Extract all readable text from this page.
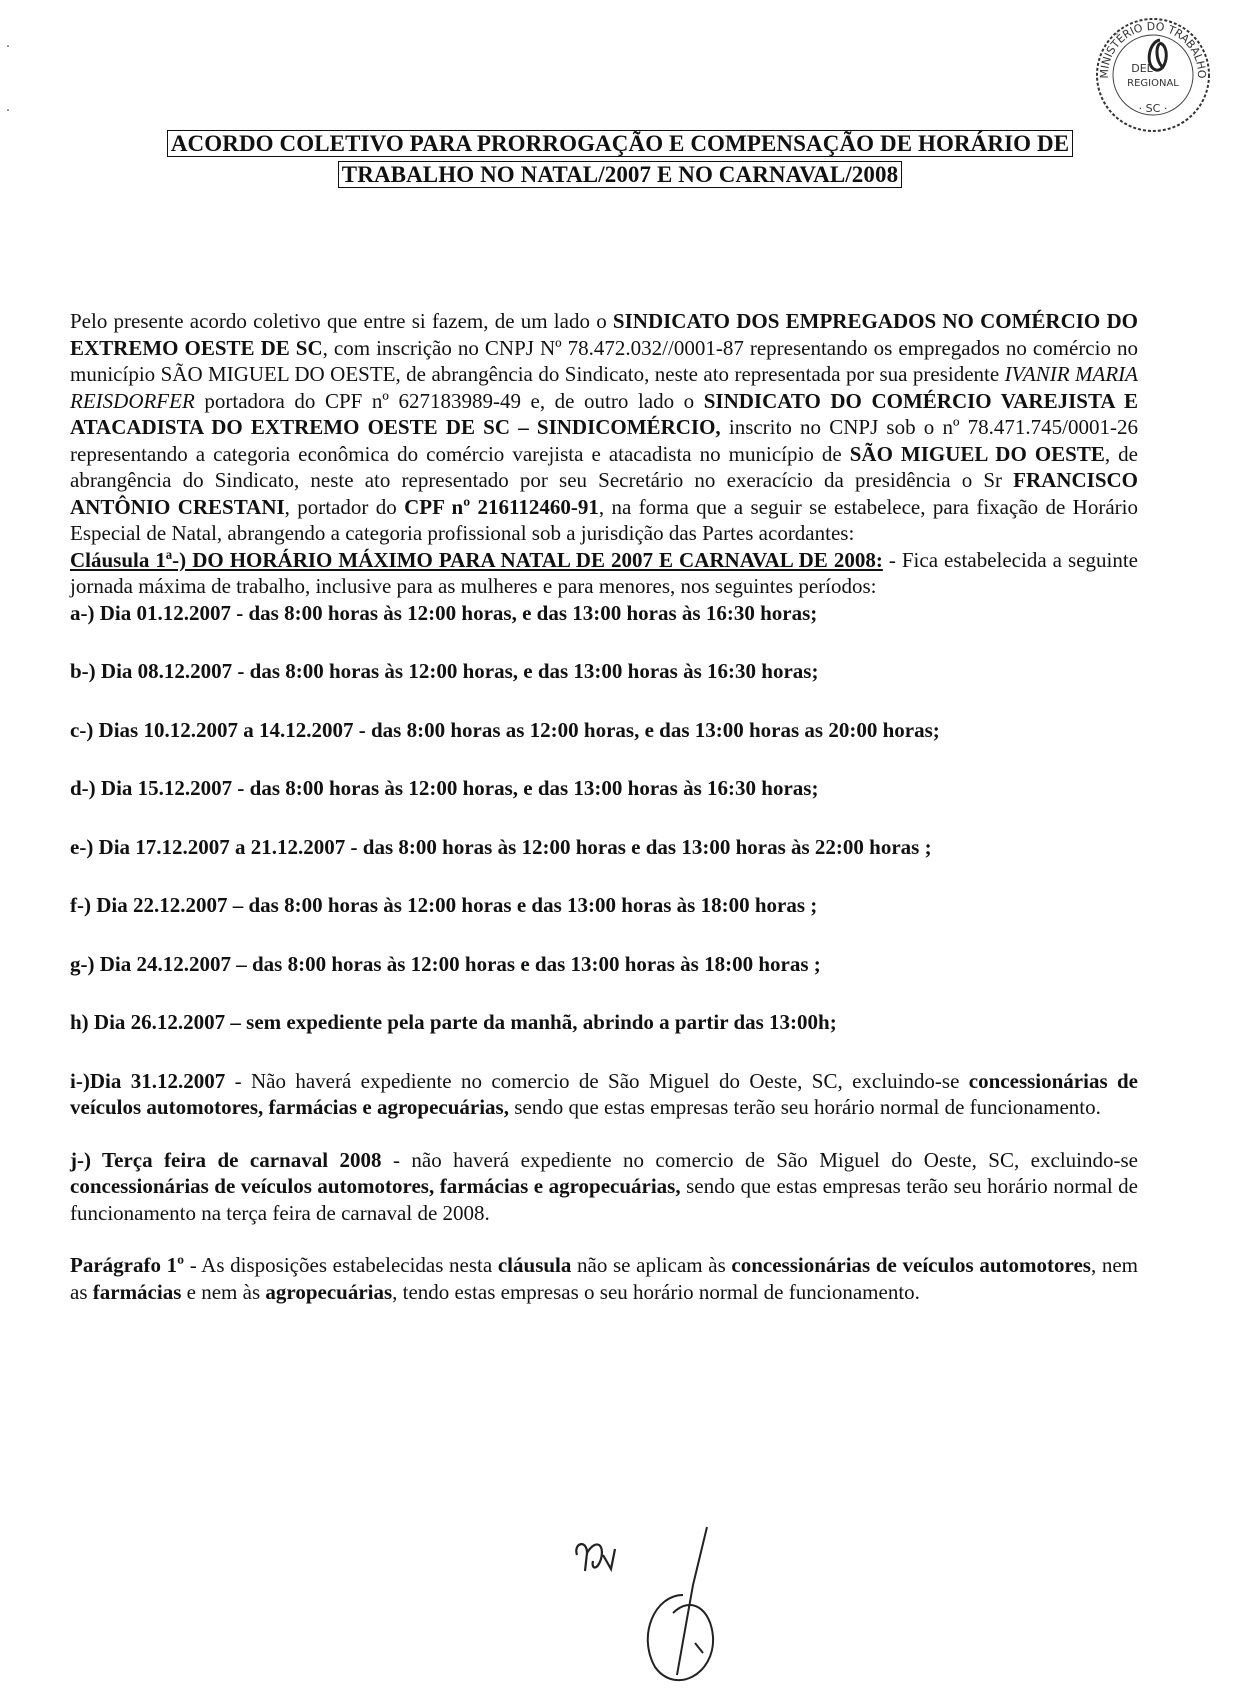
MINISTÉRIO DO TRABALHO
DEL
REGIONAL
· SC ·
ACORDO COLETIVO PARA PRORROGAÇÃO E COMPENSAÇÃO DE HORÁRIO DE
TRABALHO NO NATAL/2007 E NO CARNAVAL/2008

Pelo presente acordo coletivo que entre si fazem, de um lado o SINDICATO DOS EMPREGADOS NO COMÉRCIO DO EXTREMO OESTE DE SC, com inscrição no CNPJ Nº 78.472.032//0001-87 representando os empregados no comércio no município SÃO MIGUEL DO OESTE, de abrangência do Sindicato, neste ato representada por sua presidente IVANIR MARIA REISDORFER portadora do CPF nº 627183989-49 e, de outro lado o SINDICATO DO COMÉRCIO VAREJISTA E ATACADISTA DO EXTREMO OESTE DE SC – SINDICOMÉRCIO, inscrito no CNPJ sob o nº 78.471.745/0001-26 representando a categoria econômica do comércio varejista e atacadista no município de SÃO MIGUEL DO OESTE, de abrangência do Sindicato, neste ato representado por seu Secretário no exeracício da presidência o Sr FRANCISCO ANTÔNIO CRESTANI, portador do CPF nº 216112460-91, na forma que a seguir se estabelece, para fixação de Horário Especial de Natal, abrangendo a categoria profissional sob a jurisdição das Partes acordantes:

Cláusula 1ª-) DO HORÁRIO MÁXIMO PARA NATAL DE 2007 E CARNAVAL DE 2008: - Fica estabelecida a seguinte jornada máxima de trabalho, inclusive para as mulheres e para menores, nos seguintes períodos:

a-) Dia 01.12.2007 - das 8:00 horas às 12:00 horas, e das 13:00 horas às 16:30 horas;

b-) Dia 08.12.2007 - das 8:00 horas às 12:00 horas, e das 13:00 horas às 16:30 horas;

c-) Dias 10.12.2007 a 14.12.2007 - das 8:00 horas as 12:00 horas, e das 13:00 horas as 20:00 horas;

d-) Dia 15.12.2007 - das 8:00 horas às 12:00 horas, e das 13:00 horas às 16:30 horas;

e-) Dia 17.12.2007 a 21.12.2007 - das 8:00 horas às 12:00 horas e das 13:00 horas às 22:00 horas ;

f-) Dia 22.12.2007 – das 8:00 horas às 12:00 horas e das 13:00 horas às 18:00 horas ;

g-) Dia 24.12.2007 – das 8:00 horas às 12:00 horas e das 13:00 horas às 18:00 horas ;

h) Dia 26.12.2007 – sem expediente pela parte da manhã, abrindo a partir das 13:00h;

i-)Dia 31.12.2007 - Não haverá expediente no comercio de São Miguel do Oeste, SC, excluindo-se concessionárias de veículos automotores, farmácias e agropecuárias, sendo que estas empresas terão seu horário normal de funcionamento.

j-) Terça feira de carnaval 2008 - não haverá expediente no comercio de São Miguel do Oeste, SC, excluindo-se concessionárias de veículos automotores, farmácias e agropecuárias, sendo que estas empresas terão seu horário normal de funcionamento na terça feira de carnaval de 2008.

Parágrafo 1º - As disposições estabelecidas nesta cláusula não se aplicam às concessionárias de veículos automotores, nem as farmácias e nem às agropecuárias, tendo estas empresas o seu horário normal de funcionamento.
